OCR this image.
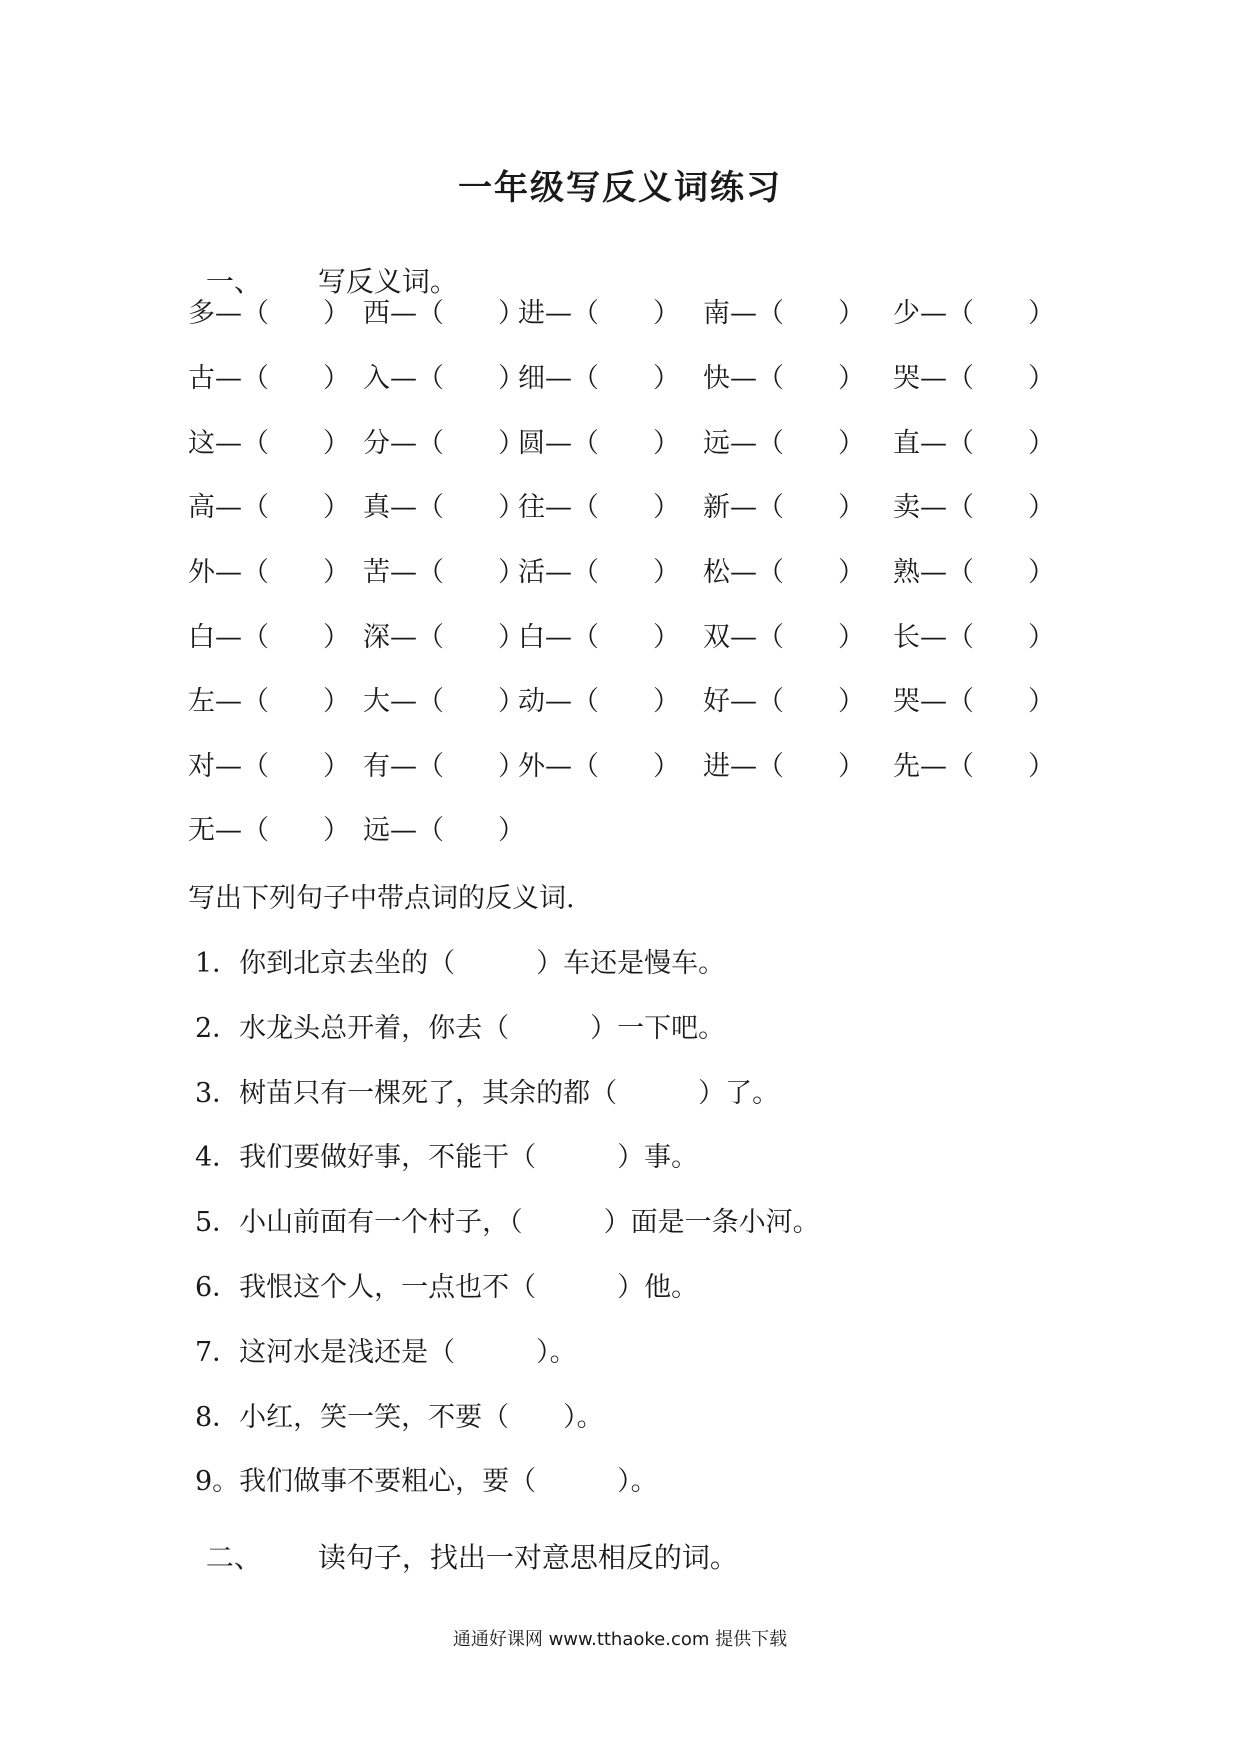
一年级写反义词练习

一、 写反义词。

多—（　　） 西—（　　）
进—（　　） 南—（　　） 少—（　　）
古—（　　） 入—（　　）
细—（　　） 快—（　　） 哭—（　　）
这—（　　） 分—（　　）
圆—（　　） 远—（　　） 直—（　　）
高—（　　） 真—（　　）
往—（　　） 新—（　　） 卖—（　　）
外—（　　） 苦—（　　）
活—（　　） 松—（　　） 熟—（　　）
白—（　　） 深—（　　）
白—（　　） 双—（　　） 长—（　　）
左—（　　） 大—（　　）
动—（　　） 好—（　　） 哭—（　　）
对—（　　） 有—（　　）
外—（　　） 进—（　　） 先—（　　）
无—（　　） 远—（　　）
写出下列句子中带点词的反义词.
1．你到北京去坐的（　　　）车还是慢车。
2．水龙头总开着，你去（　　　）一下吧。
3．树苗只有一棵死了，其余的都（　　　）了。
4．我们要做好事，不能干（　　　）事。
5．小山前面有一个村子，（　　　）面是一条小河。
6．我恨这个人，一点也不（　　　）他。
7．这河水是浅还是（　　　）。
8．小红，笑一笑，不要（　　）。
9。我们做事不要粗心，要（　　　）。

二、 读句子，找出一对意思相反的词。

通通好课网 www.tthaoke.com 提供下载
